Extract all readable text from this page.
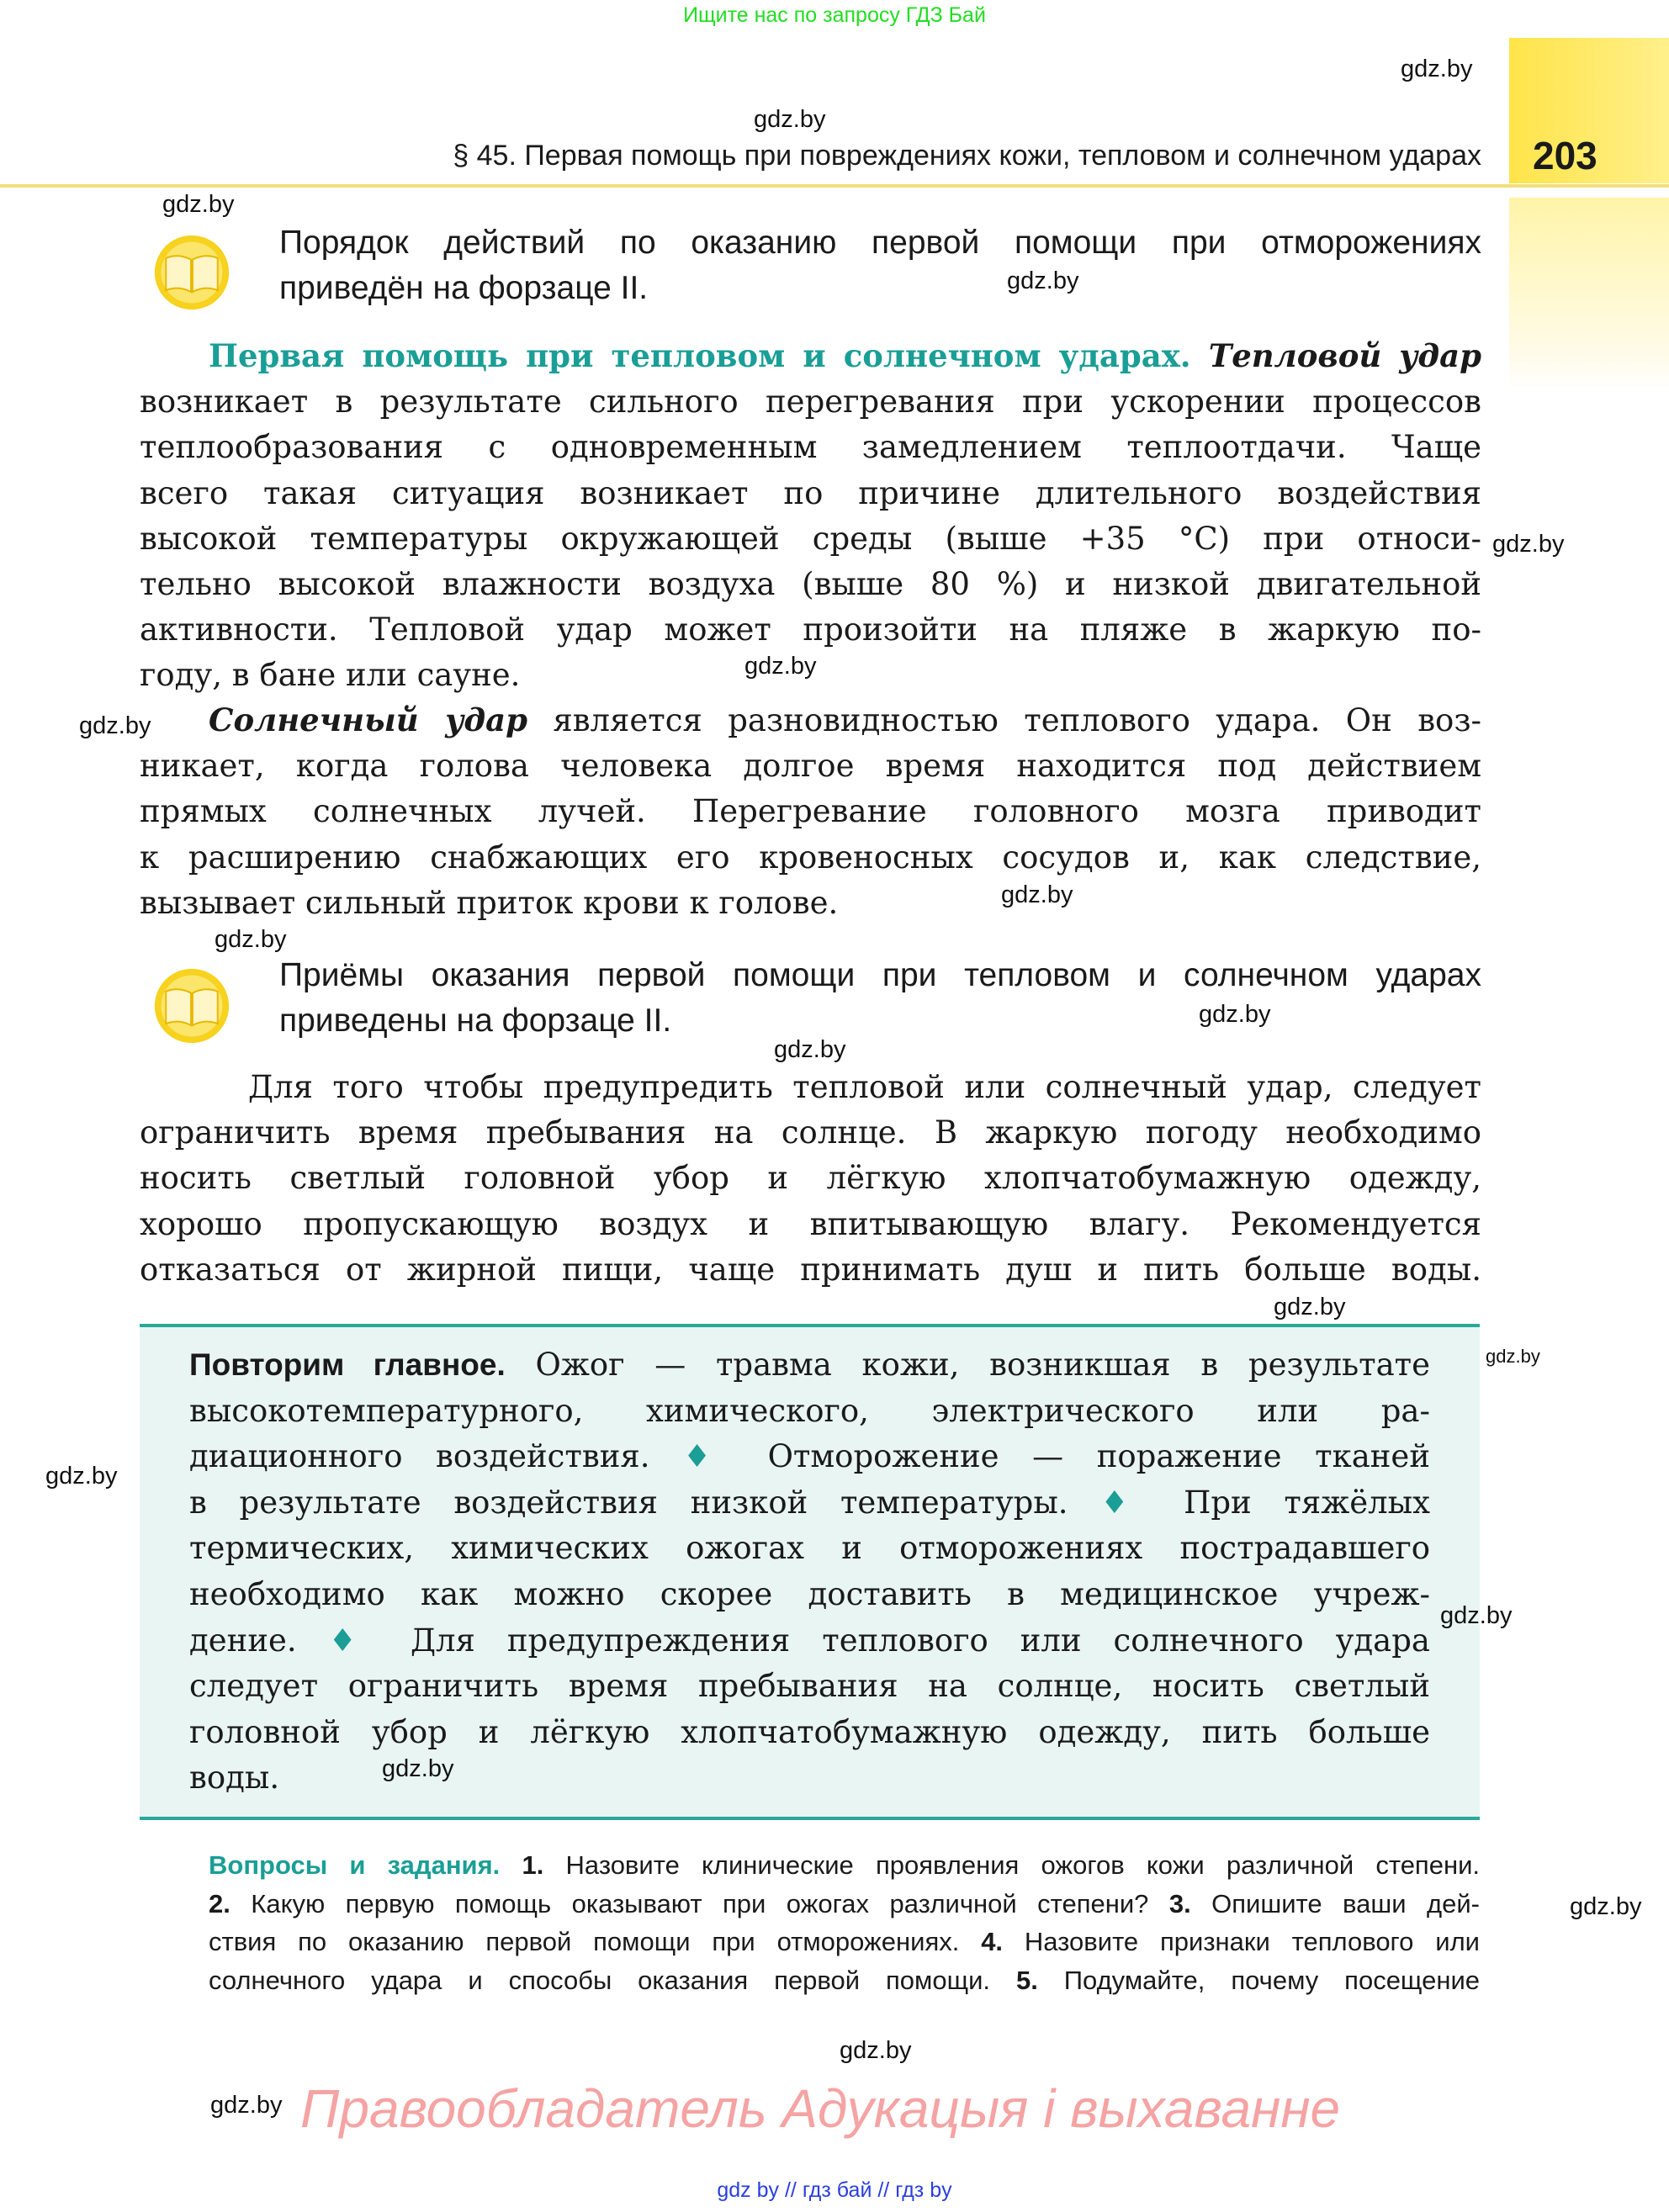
Ищите нас по запросу ГДЗ Бай
§ 45. Первая помощь при повреждениях кожи, тепловом и солнечном ударах 203
Порядок действий по оказанию первой помощи при отморожениях
приведён на форзаце II.
Первая помощь при тепловом и солнечном ударах. Тепловой удар
возникает в результате сильного перегревания при ускорении процессов
теплообразования с одновременным замедлением теплоотдачи. Чаще
всего такая ситуация возникает по причине длительного воздействия
высокой температуры окружающей среды (выше +35 °С) при относи-
тельно высокой влажности воздуха (выше 80 %) и низкой двигательной
активности. Тепловой удар может произойти на пляже в жаркую по-
году, в бане или сауне.
Солнечный удар является разновидностью теплового удара. Он воз-
никает, когда голова человека долгое время находится под действием
прямых солнечных лучей. Перегревание головного мозга приводит
к расширению снабжающих его кровеносных сосудов и, как следствие,
вызывает сильный приток крови к голове.
Приёмы оказания первой помощи при тепловом и солнечном ударах
приведены на форзаце II.
Для того чтобы предупредить тепловой или солнечный удар, следует
ограничить время пребывания на солнце. В жаркую погоду необходимо
носить светлый головной убор и лёгкую хлопчатобумажную одежду,
хорошо пропускающую воздух и впитывающую влагу. Рекомендуется
отказаться от жирной пищи, чаще принимать душ и пить больше воды.
Повторим главное. Ожог — травма кожи, возникшая в результате
высокотемпературного, химического, электрического или ра-
диационного воздействия. ♦ Отморожение — поражение тканей
в результате воздействия низкой температуры. ♦ При тяжёлых
термических, химических ожогах и отморожениях пострадавшего
необходимо как можно скорее доставить в медицинское учреж-
дение. ♦ Для предупреждения теплового или солнечного удара
следует ограничить время пребывания на солнце, носить светлый
головной убор и лёгкую хлопчатобумажную одежду, пить больше
воды.
Вопросы и задания. 1. Назовите клинические проявления ожогов кожи различной степени.
2. Какую первую помощь оказывают при ожогах различной степени? 3. Опишите ваши дей-
ствия по оказанию первой помощи при отморожениях. 4. Назовите признаки теплового или
солнечного удара и способы оказания первой помощи. 5. Подумайте, почему посещение
Правообладатель Адукацыя і выхаванне
gdz by // гдз бай // гдз by
gdz.by
gdz.by
gdz.by
gdz.by
gdz.by
gdz.by
gdz.by
gdz.by
gdz.by
gdz.by
gdz.by
gdz.by
gdz.by
gdz.by
gdz.by
gdz.by
gdz.by
gdz.by
gdz.by
